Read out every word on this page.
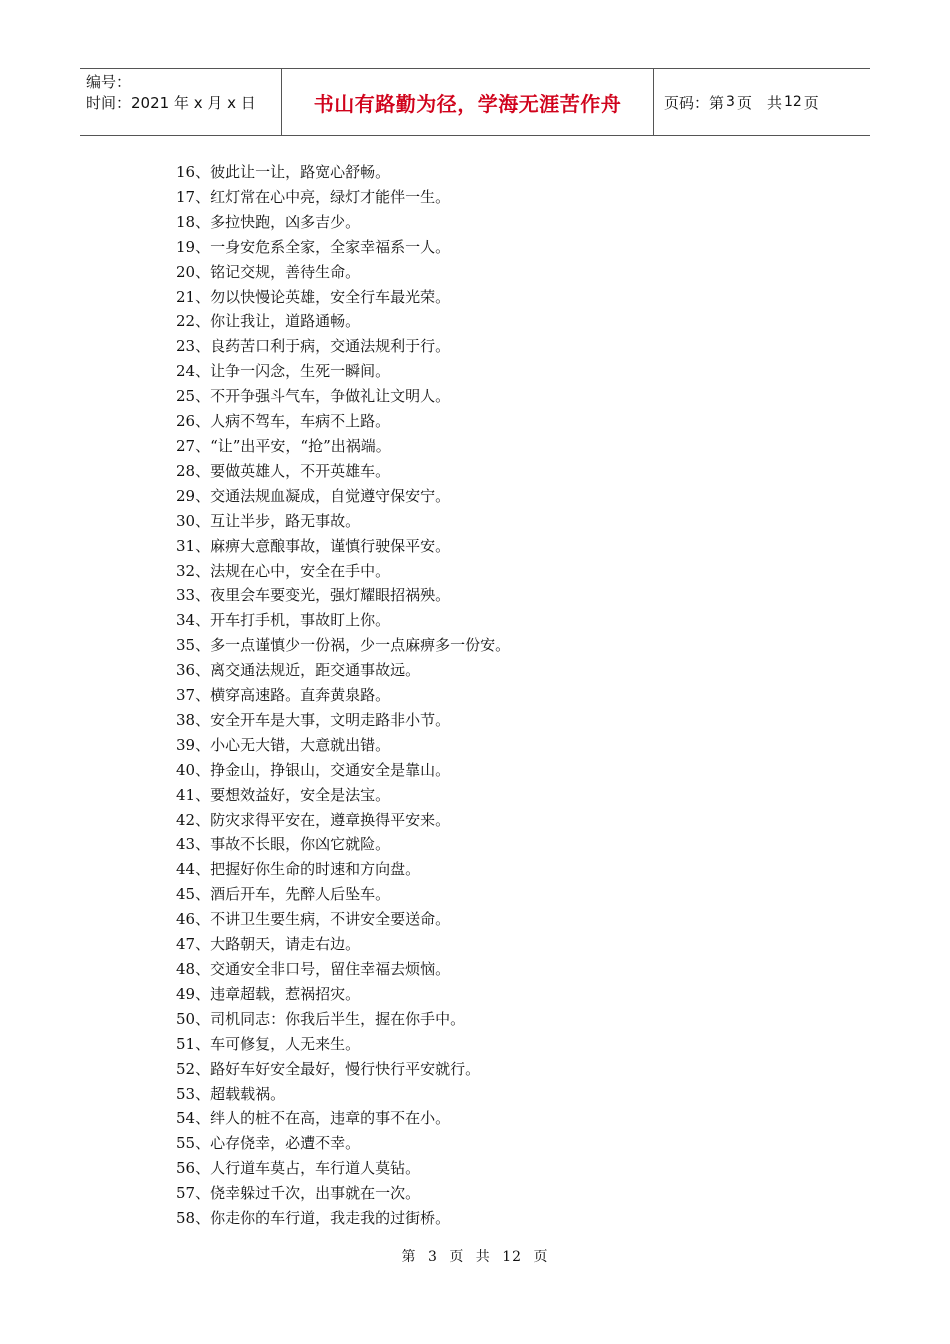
编号：
时间：2021 年 x 月 x 日	书山有路勤为径，学海无涯苦作舟	页码：第 3 页　共 12 页
16、彼此让一让，路宽心舒畅。
17、红灯常在心中亮，绿灯才能伴一生。
18、多拉快跑，凶多吉少。
19、一身安危系全家，全家幸福系一人。
20、铭记交规，善待生命。
21、勿以快慢论英雄，安全行车最光荣。
22、你让我让，道路通畅。
23、良药苦口利于病，交通法规利于行。
24、让争一闪念，生死一瞬间。
25、不开争强斗气车，争做礼让文明人。
26、人病不驾车，车病不上路。
27、“让”出平安，“抢”出祸端。
28、要做英雄人，不开英雄车。
29、交通法规血凝成，自觉遵守保安宁。
30、互让半步，路无事故。
31、麻痹大意酿事故，谨慎行驶保平安。
32、法规在心中，安全在手中。
33、夜里会车要变光，强灯耀眼招祸殃。
34、开车打手机，事故盯上你。
35、多一点谨慎少一份祸，少一点麻痹多一份安。
36、离交通法规近，距交通事故远。
37、横穿高速路。直奔黄泉路。
38、安全开车是大事，文明走路非小节。
39、小心无大错，大意就出错。
40、挣金山，挣银山，交通安全是靠山。
41、要想效益好，安全是法宝。
42、防灾求得平安在，遵章换得平安来。
43、事故不长眼，你凶它就险。
44、把握好你生命的时速和方向盘。
45、酒后开车，先醉人后坠车。
46、不讲卫生要生病，不讲安全要送命。
47、大路朝天，请走右边。
48、交通安全非口号，留住幸福去烦恼。
49、违章超载，惹祸招灾。
50、司机同志：你我后半生，握在你手中。
51、车可修复，人无来生。
52、路好车好安全最好，慢行快行平安就行。
53、超载载祸。
54、绊人的桩不在高，违章的事不在小。
55、心存侥幸，必遭不幸。
56、人行道车莫占，车行道人莫钻。
57、侥幸躲过千次，出事就在一次。
58、你走你的车行道，我走我的过街桥。
第 3 页 共 12 页
